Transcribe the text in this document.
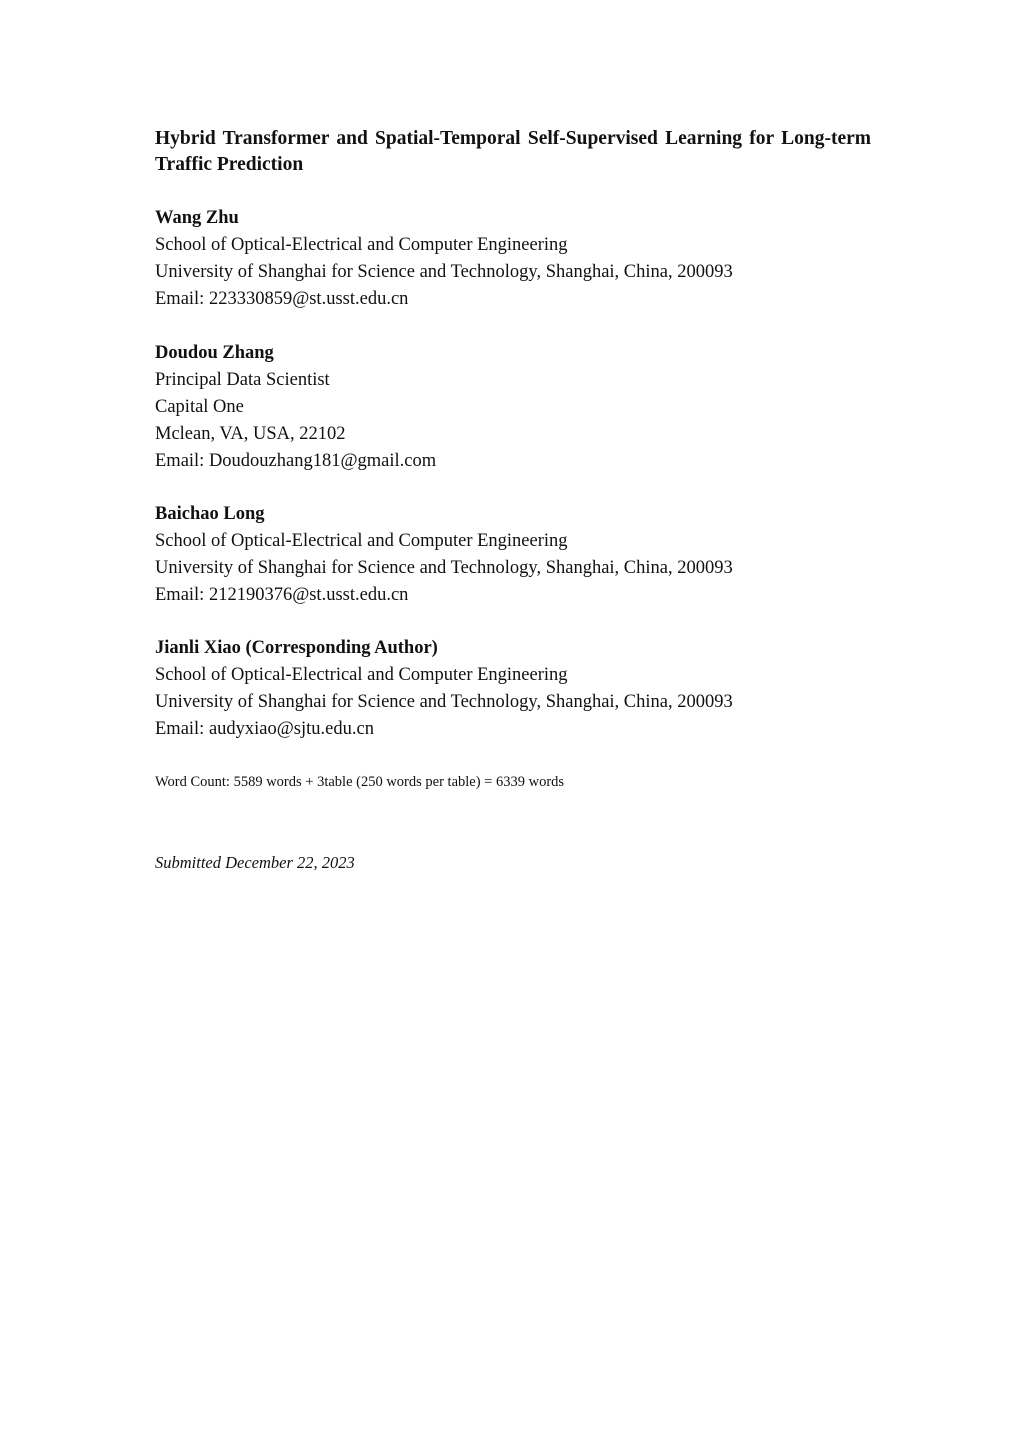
Hybrid Transformer and Spatial-Temporal Self-Supervised Learning for Long-term Traffic Prediction
Wang Zhu
School of Optical-Electrical and Computer Engineering
University of Shanghai for Science and Technology, Shanghai, China, 200093
Email: 223330859@st.usst.edu.cn
Doudou Zhang
Principal Data Scientist
Capital One
Mclean, VA, USA, 22102
Email: Doudouzhang181@gmail.com
Baichao Long
School of Optical-Electrical and Computer Engineering
University of Shanghai for Science and Technology, Shanghai, China, 200093
Email: 212190376@st.usst.edu.cn
Jianli Xiao (Corresponding Author)
School of Optical-Electrical and Computer Engineering
University of Shanghai for Science and Technology, Shanghai, China, 200093
Email: audyxiao@sjtu.edu.cn

Word Count: 5589 words + 3table (250 words per table) = 6339 words

Submitted December 22, 2023
